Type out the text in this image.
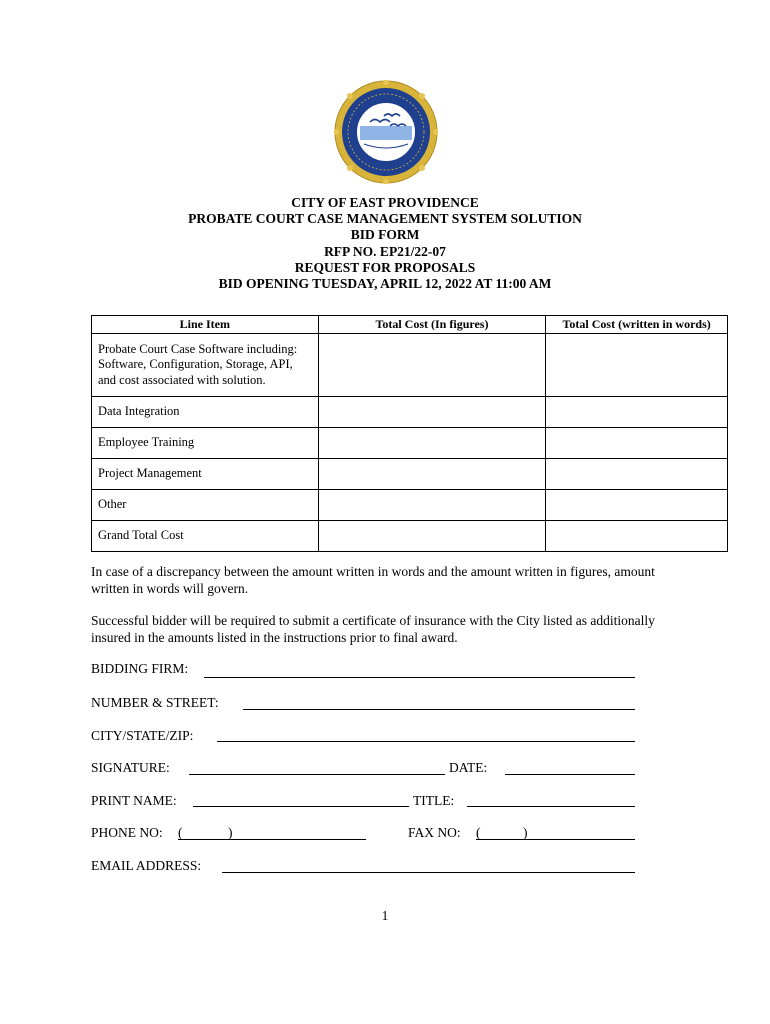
CITY OF EAST PROVIDENCE
PROBATE COURT CASE MANAGEMENT SYSTEM SOLUTION
BID FORM
RFP NO. EP21/22-07
REQUEST FOR PROPOSALS
BID OPENING TUESDAY, APRIL 12, 2022 AT 11:00 AM
Line Item	Total Cost (In figures)	Total Cost (written in words)
Probate Court Case Software including: Software, Configuration, Storage, API, and cost associated with solution.		
Data Integration		
Employee Training		
Project Management		
Other		
Grand Total Cost		
In case of a discrepancy between the amount written in words and the amount written in figures, amount written in words will govern.
Successful bidder will be required to submit a certificate of insurance with the City listed as additionally insured in the amounts listed in the instructions prior to final award.
BIDDING FIRM:
NUMBER & STREET:
CITY/STATE/ZIP:
SIGNATURE:	DATE:
PRINT NAME:	TITLE:
PHONE NO: (	)	FAX NO: (	)
EMAIL ADDRESS:
1
